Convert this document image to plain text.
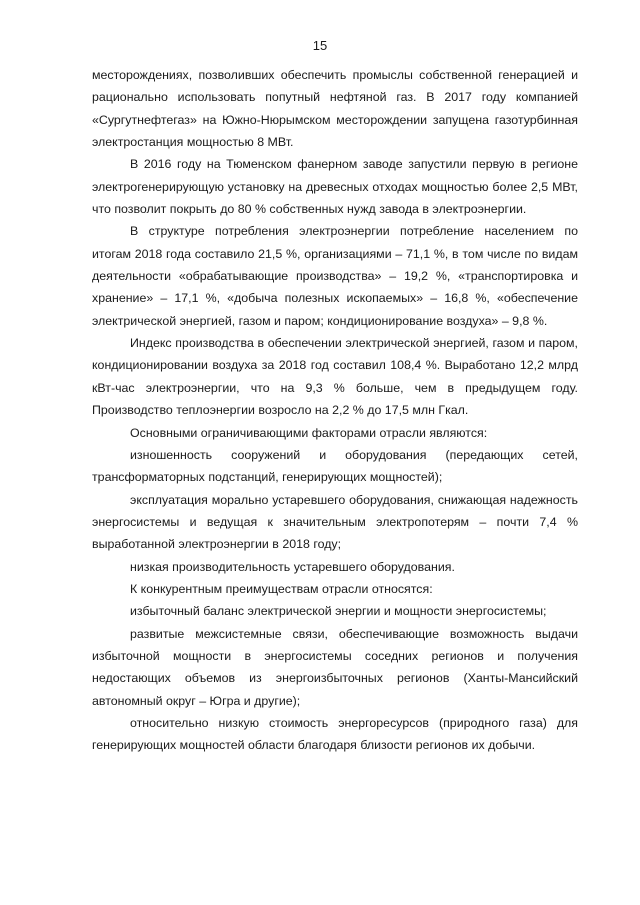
15

месторождениях, позволивших обеспечить промыслы собственной генерацией и рационально использовать попутный нефтяной газ. В 2017 году компанией «Сургутнефтегаз» на Южно-Нюрымском месторождении запущена газотурбинная электростанция мощностью 8 МВт.

В 2016 году на Тюменском фанерном заводе запустили первую в регионе электрогенерирующую установку на древесных отходах мощностью более 2,5 МВт, что позволит покрыть до 80 % собственных нужд завода в электроэнергии.

В структуре потребления электроэнергии потребление населением по итогам 2018 года составило 21,5 %, организациями – 71,1 %, в том числе по видам деятельности «обрабатывающие производства» – 19,2 %, «транспортировка и хранение» – 17,1 %, «добыча полезных ископаемых» – 16,8 %, «обеспечение электрической энергией, газом и паром; кондиционирование воздуха» – 9,8 %.

Индекс производства в обеспечении электрической энергией, газом и паром, кондиционировании воздуха за 2018 год составил 108,4 %. Выработано 12,2 млрд кВт-час электроэнергии, что на 9,3 % больше, чем в предыдущем году. Производство теплоэнергии возросло на 2,2 % до 17,5 млн Гкал.

Основными ограничивающими факторами отрасли являются:

изношенность сооружений и оборудования (передающих сетей, трансформаторных подстанций, генерирующих мощностей);

эксплуатация морально устаревшего оборудования, снижающая надежность энергосистемы и ведущая к значительным электропотерям – почти 7,4 % выработанной электроэнергии в 2018 году;

низкая производительность устаревшего оборудования.

К конкурентным преимуществам отрасли относятся:

избыточный баланс электрической энергии и мощности энергосистемы;

развитые межсистемные связи, обеспечивающие возможность выдачи избыточной мощности в энергосистемы соседних регионов и получения недостающих объемов из энергоизбыточных регионов (Ханты-Мансийский автономный округ – Югра и другие);

относительно низкую стоимость энергоресурсов (природного газа) для генерирующих мощностей области благодаря близости регионов их добычи.
